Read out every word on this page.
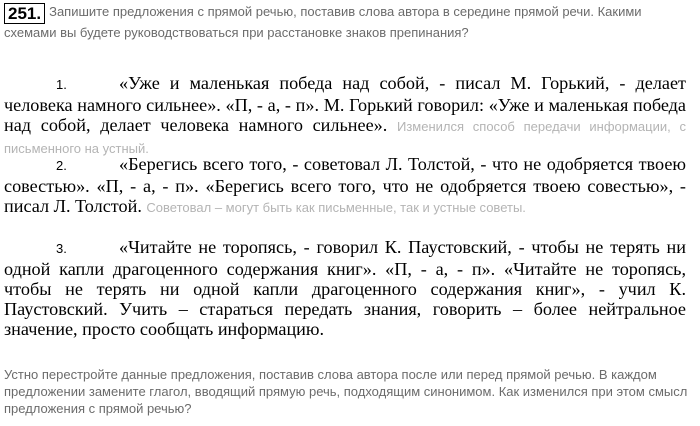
251. Запишите предложения с прямой речью, поставив слова автора в середине прямой речи. Какими схемами вы будете руководствоваться при расстановке знаков препинания?
1.	«Уже и маленькая победа над собой, - писал М. Горький, - делает человека намного сильнее». «П, - а, - п». М. Горький говорил: «Уже и маленькая победа над собой, делает человека намного сильнее». Изменился способ передачи информации, с письменного на устный.
2.	«Берегись всего того, - советовал Л. Толстой, - что не одобряется твоею совестью». «П, - а, - п». «Берегись всего того, что не одобряется твоею совестью», - писал Л. Толстой. Советовал – могут быть как письменные, так и устные советы.
3.	«Читайте не торопясь, - говорил К. Паустовский, - чтобы не терять ни одной капли драгоценного содержания книг». «П, - а, - п». «Читайте не торопясь, чтобы не терять ни одной капли драгоценного содержания книг», - учил К. Паустовский. Учить – стараться передать знания, говорить – более нейтральное значение, просто сообщать информацию.
Устно перестройте данные предложения, поставив слова автора после или перед прямой речью. В каждом предложении замените глагол, вводящий прямую речь, подходящим синонимом. Как изменился при этом смысл предложения с прямой речью?
